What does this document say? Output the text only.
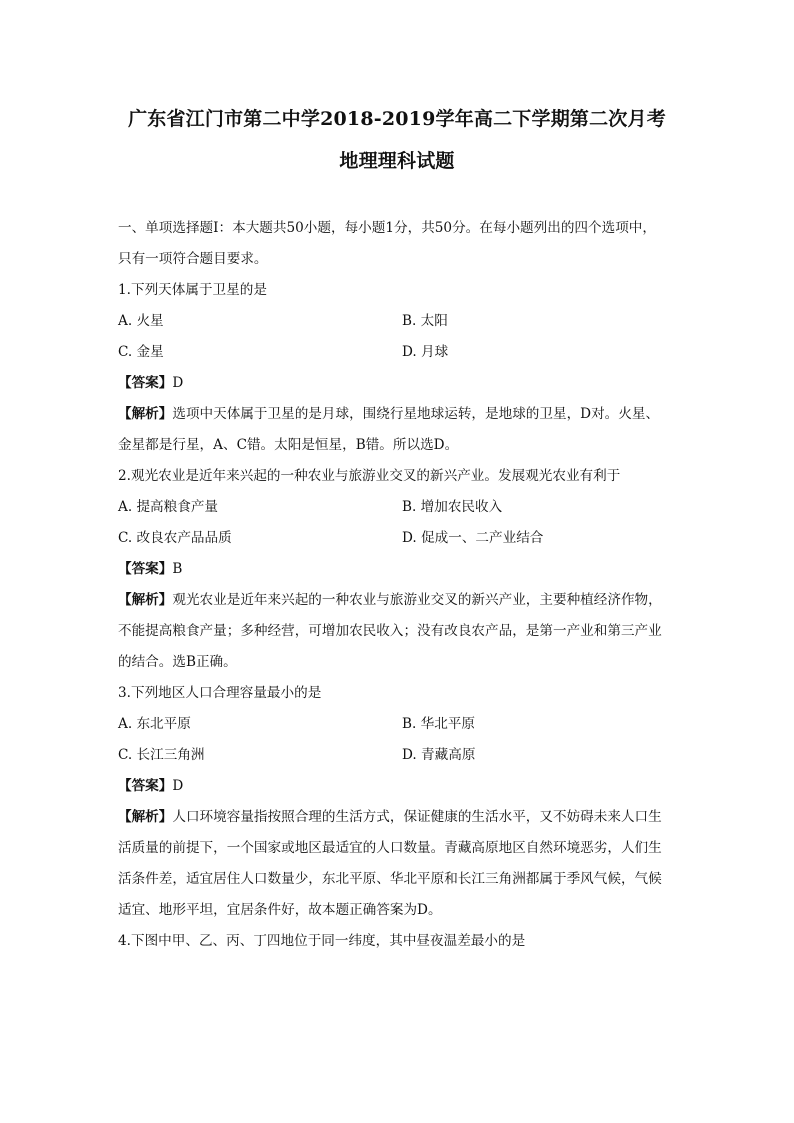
广东省江门市第二中学2018-2019学年高二下学期第二次月考
地理理科试题

一、单项选择题I：本大题共50小题，每小题1分，共50分。在每小题列出的四个选项中，

只有一项符合题目要求。

1.下列天体属于卫星的是

A. 火星	B. 太阳
C. 金星	D. 月球

【答案】D

【解析】选项中天体属于卫星的是月球，围绕行星地球运转，是地球的卫星，D对。火星、

金星都是行星，A、C错。太阳是恒星，B错。所以选D。

2.观光农业是近年来兴起的一种农业与旅游业交叉的新兴产业。发展观光农业有利于

A. 提高粮食产量	B. 增加农民收入
C. 改良农产品品质	D. 促成一、二产业结合

【答案】B

【解析】观光农业是近年来兴起的一种农业与旅游业交叉的新兴产业，主要种植经济作物，

不能提高粮食产量；多种经营，可增加农民收入；没有改良农产品，是第一产业和第三产业

的结合。选B正确。

3.下列地区人口合理容量最小的是

A. 东北平原	B. 华北平原
C. 长江三角洲	D. 青藏高原

【答案】D

【解析】人口环境容量指按照合理的生活方式，保证健康的生活水平，又不妨碍未来人口生

活质量的前提下，一个国家或地区最适宜的人口数量。青藏高原地区自然环境恶劣，人们生

活条件差，适宜居住人口数量少，东北平原、华北平原和长江三角洲都属于季风气候，气候

适宜、地形平坦，宜居条件好，故本题正确答案为D。

4.下图中甲、乙、丙、丁四地位于同一纬度，其中昼夜温差最小的是
